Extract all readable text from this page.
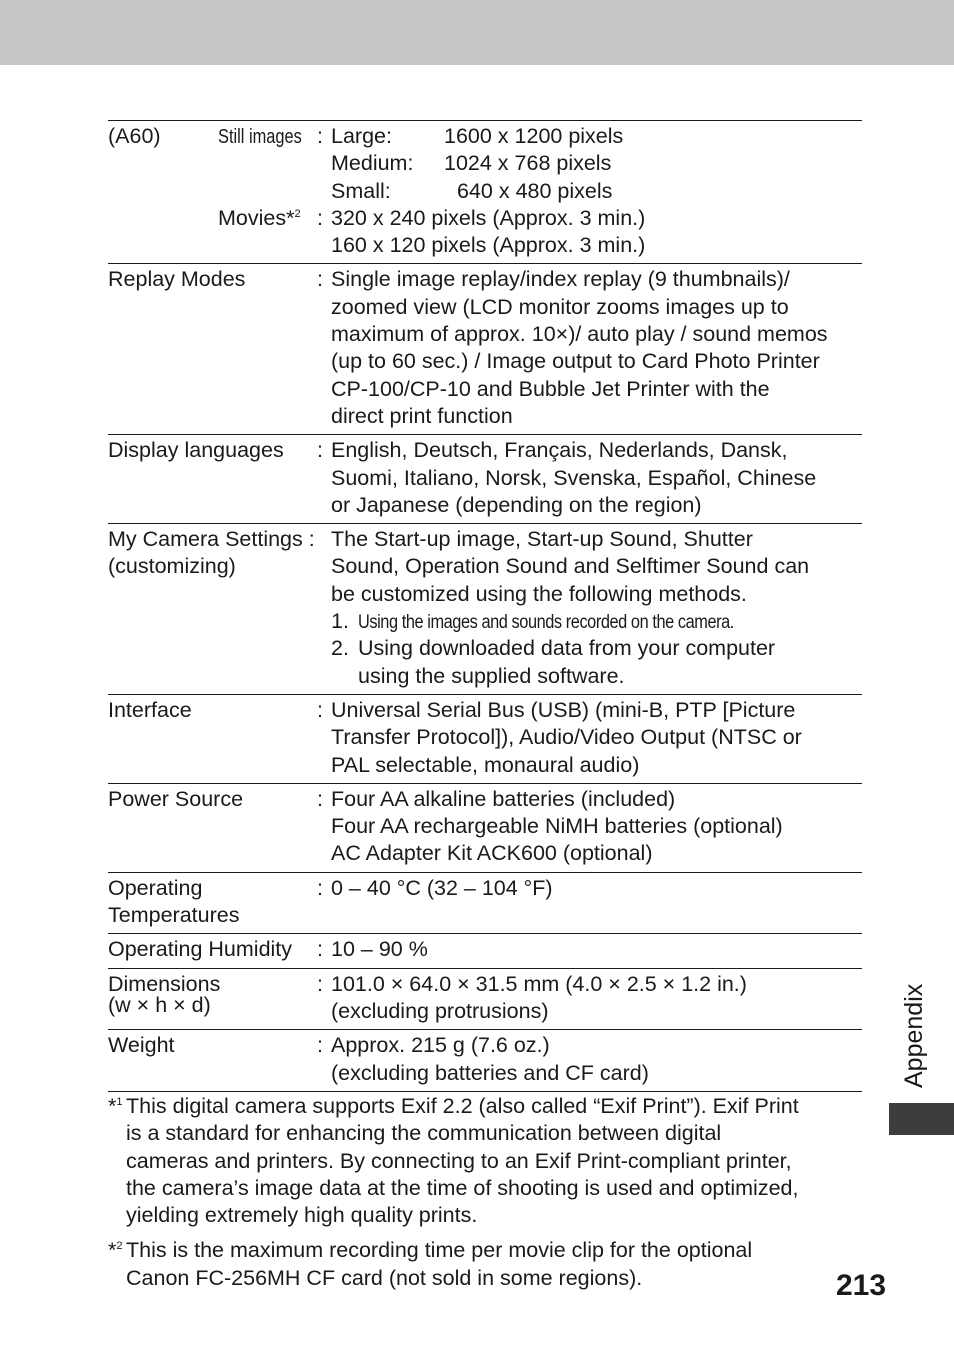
(A60)	Still images : Large: 1600 x 1200 pixels
Medium: 1024 x 768 pixels
Small:	640 x 480 pixels
Movies*$^2$ : 320 x 240 pixels (Approx. 3 min.)
160 x 120 pixels (Approx. 3 min.)
Replay Modes	: Single image replay/index replay (9 thumbnails)/
zoomed view (LCD monitor zooms images up to
maximum of approx. 10×)/ auto play / sound memos
(up to 60 sec.) / Image output to Card Photo Printer
CP-100/CP-10 and Bubble Jet Printer with the
direct print function
Display languages : English, Deutsch, Français, Nederlands, Dansk,
Suomi, Italiano, Norsk, Svenska, Español, Chinese
or Japanese (depending on the region)
My Camera Settings : The Start-up image, Start-up Sound, Shutter
(customizing)	Sound, Operation Sound and Selftimer Sound can
be customized using the following methods.
1. Using the images and sounds recorded on the camera.
2. Using downloaded data from your computer
using the supplied software.
Interface	: Universal Serial Bus (USB) (mini-B, PTP [Picture
Transfer Protocol]), Audio/Video Output (NTSC or
PAL selectable, monaural audio)
Power Source	: Four AA alkaline batteries (included)
Four AA rechargeable NiMH batteries (optional)
AC Adapter Kit ACK600 (optional)
Operating	: 0 – 40 °C (32 – 104 °F)
Temperatures
Operating Humidity : 10 – 90 %
Dimensions	: 101.0 × 64.0 × 31.5 mm (4.0 × 2.5 × 1.2 in.)
(w × h × d)	(excluding protrusions)
Weight	: Approx. 215 g (7.6 oz.)
(excluding batteries and CF card)
*$^1$ This digital camera supports Exif 2.2 (also called “Exif Print”). Exif Print
is a standard for enhancing the communication between digital
cameras and printers. By connecting to an Exif Print-compliant printer,
the camera’s image data at the time of shooting is used and optimized,
yielding extremely high quality prints.
*$^2$ This is the maximum recording time per movie clip for the optional
Canon FC-256MH CF card (not sold in some regions).
Appendix
213
